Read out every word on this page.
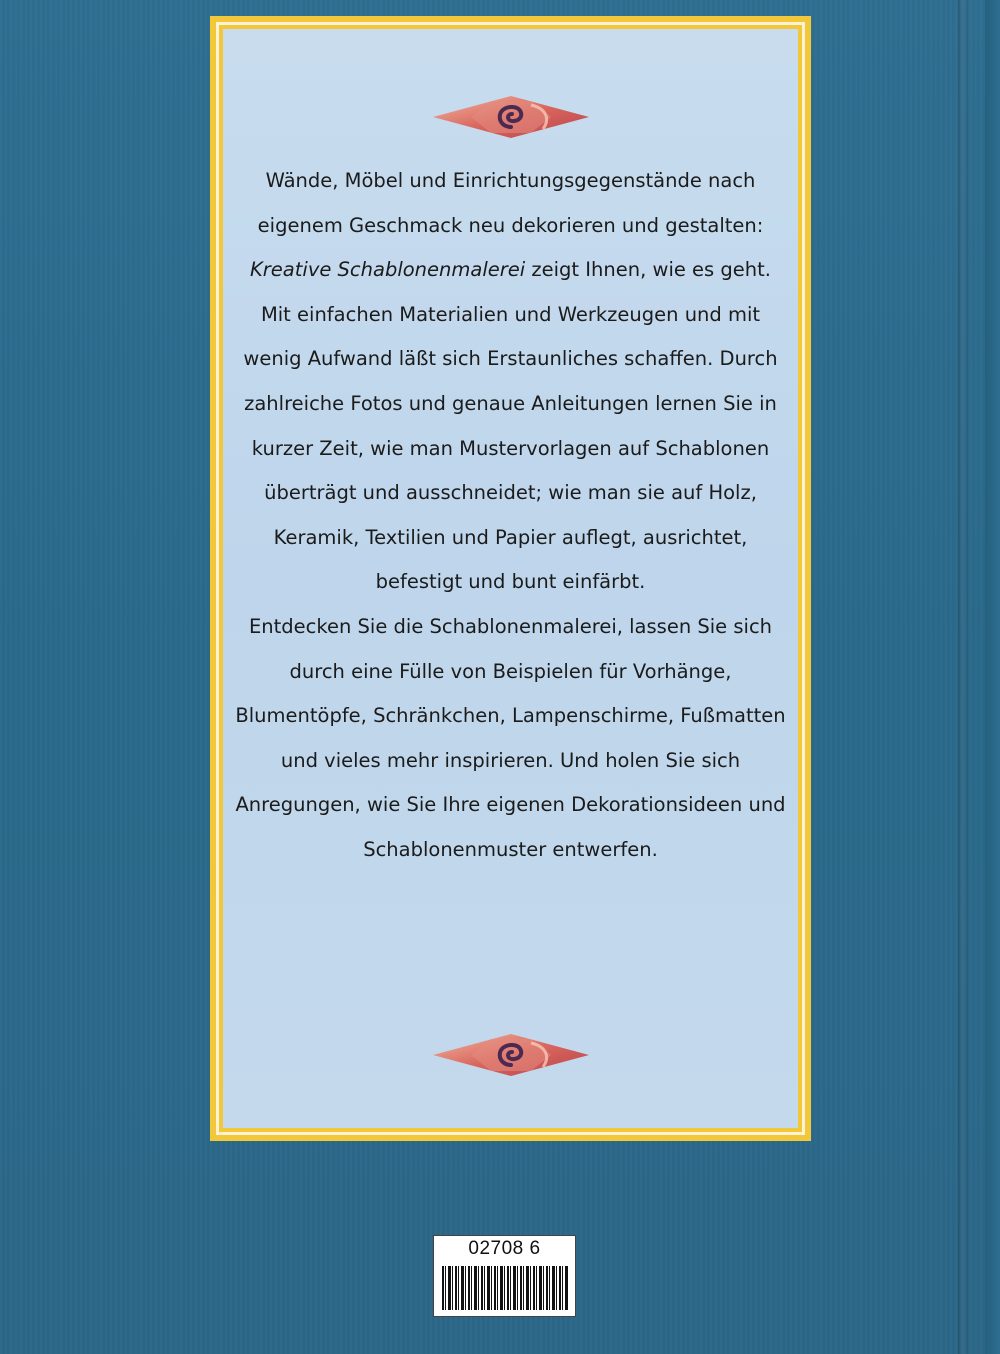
Wände, Möbel und Einrichtungsgegenstände nach eigenem Geschmack neu dekorieren und gestalten: Kreative Schablonenmalerei zeigt Ihnen, wie es geht.

Mit einfachen Materialien und Werkzeugen und mit wenig Aufwand läßt sich Erstaunliches schaffen. Durch zahlreiche Fotos und genaue Anleitungen lernen Sie in kurzer Zeit, wie man Mustervorlagen auf Schablonen überträgt und ausschneidet; wie man sie auf Holz, Keramik, Textilien und Papier auflegt, ausrichtet, befestigt und bunt einfärbt.

Entdecken Sie die Schablonenmalerei, lassen Sie sich durch eine Fülle von Beispielen für Vorhänge, Blumentöpfe, Schränkchen, Lampenschirme, Fußmatten und vieles mehr inspirieren. Und holen Sie sich Anregungen, wie Sie Ihre eigenen Dekorationsideen und Schablonenmuster entwerfen.

02708 6
